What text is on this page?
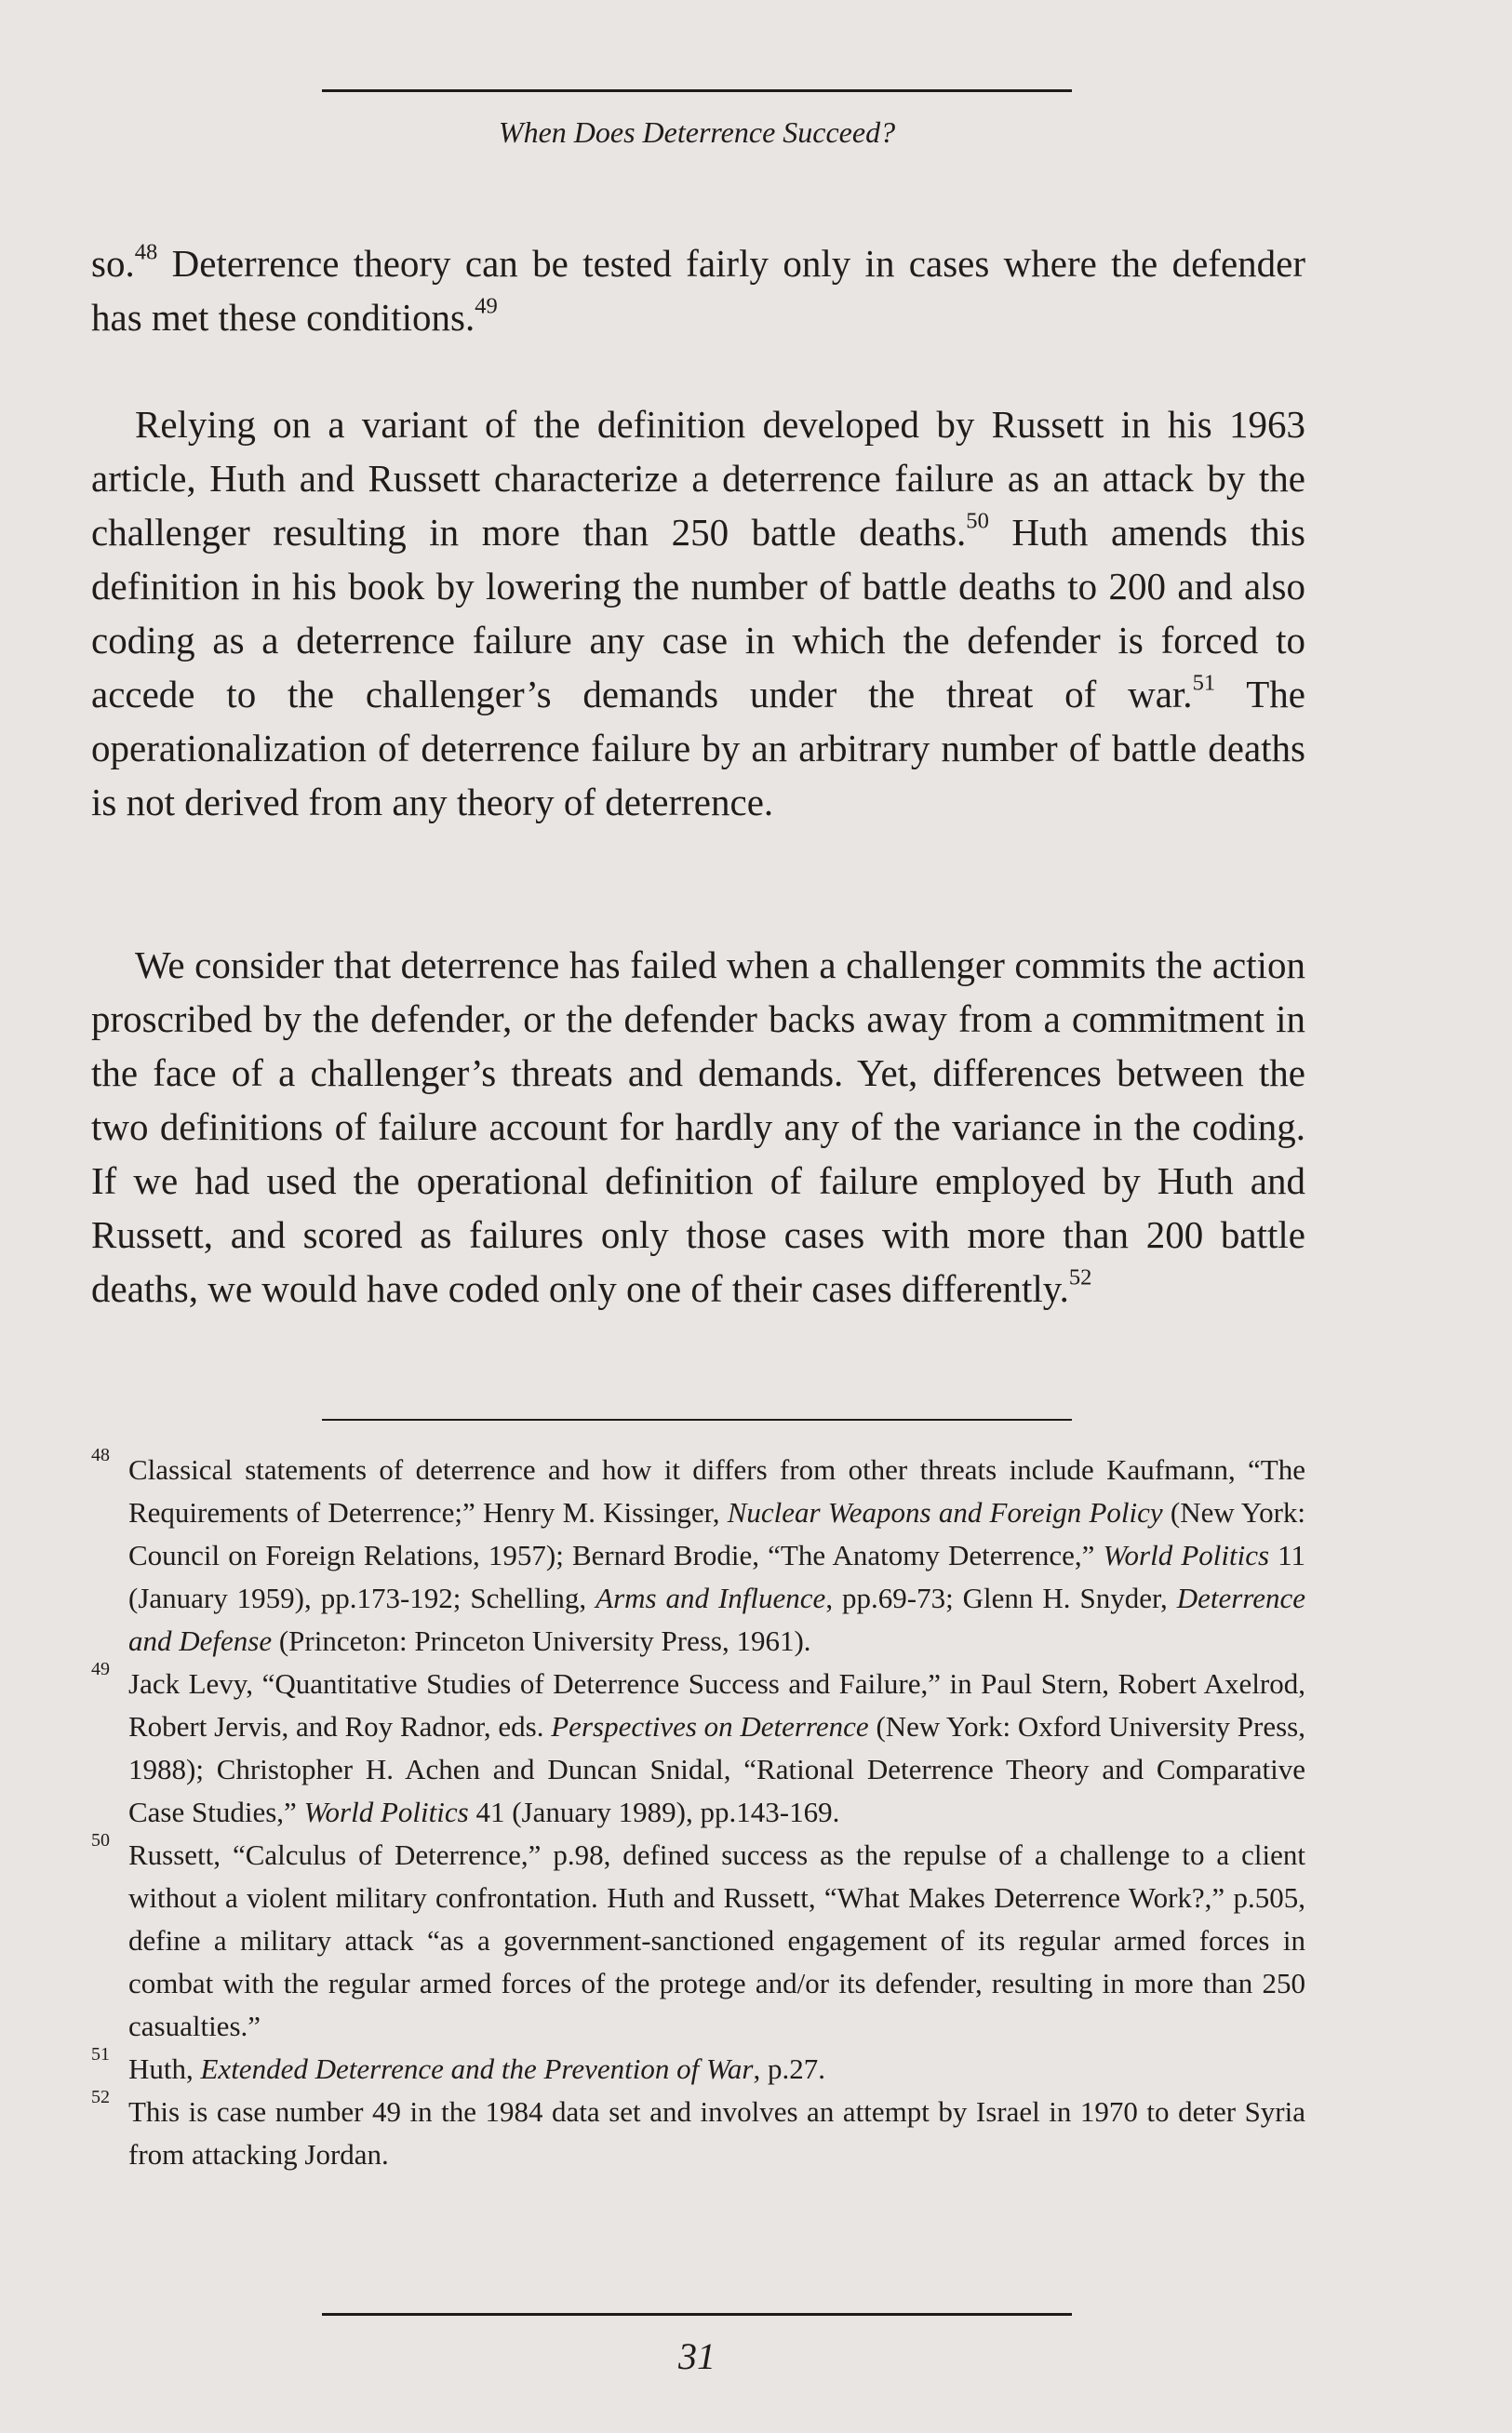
When Does Deterrence Succeed?

so.$^{48}$ Deterrence theory can be tested fairly only in cases where the defender has met these conditions.$^{49}$

Relying on a variant of the definition developed by Russett in his 1963 article, Huth and Russett characterize a deterrence failure as an attack by the challenger resulting in more than 250 battle deaths.$^{50}$ Huth amends this definition in his book by lowering the number of battle deaths to 200 and also coding as a deterrence failure any case in which the defender is forced to accede to the challenger’s demands under the threat of war.$^{51}$ The operationalization of deterrence failure by an arbitrary number of battle deaths is not derived from any theory of deterrence.

We consider that deterrence has failed when a challenger commits the action proscribed by the defender, or the defender backs away from a commitment in the face of a challenger’s threats and demands. Yet, differences between the two definitions of failure account for hardly any of the variance in the coding. If we had used the operational definition of failure employed by Huth and Russett, and scored as failures only those cases with more than 200 battle deaths, we would have coded only one of their cases differently.$^{52}$

48 Classical statements of deterrence and how it differs from other threats include Kaufmann, “The Requirements of Deterrence;” Henry M. Kissinger, Nuclear Weapons and Foreign Policy (New York: Council on Foreign Relations, 1957); Bernard Brodie, “The Anatomy Deterrence,” World Politics 11 (January 1959), pp.173-192; Schelling, Arms and Influence, pp.69-73; Glenn H. Snyder, Deterrence and Defense (Princeton: Princeton University Press, 1961).
49 Jack Levy, “Quantitative Studies of Deterrence Success and Failure,” in Paul Stern, Robert Axelrod, Robert Jervis, and Roy Radnor, eds. Perspectives on Deterrence (New York: Oxford University Press, 1988); Christopher H. Achen and Duncan Snidal, “Rational Deterrence Theory and Comparative Case Studies,” World Politics 41 (January 1989), pp.143-169.
50 Russett, “Calculus of Deterrence,” p.98, defined success as the repulse of a challenge to a client without a violent military confrontation. Huth and Russett, “What Makes Deterrence Work?,” p.505, define a military attack “as a government-sanctioned engagement of its regular armed forces in combat with the regular armed forces of the protege and/or its defender, resulting in more than 250 casualties.”
51 Huth, Extended Deterrence and the Prevention of War, p.27.
52 This is case number 49 in the 1984 data set and involves an attempt by Israel in 1970 to deter Syria from attacking Jordan.
31
